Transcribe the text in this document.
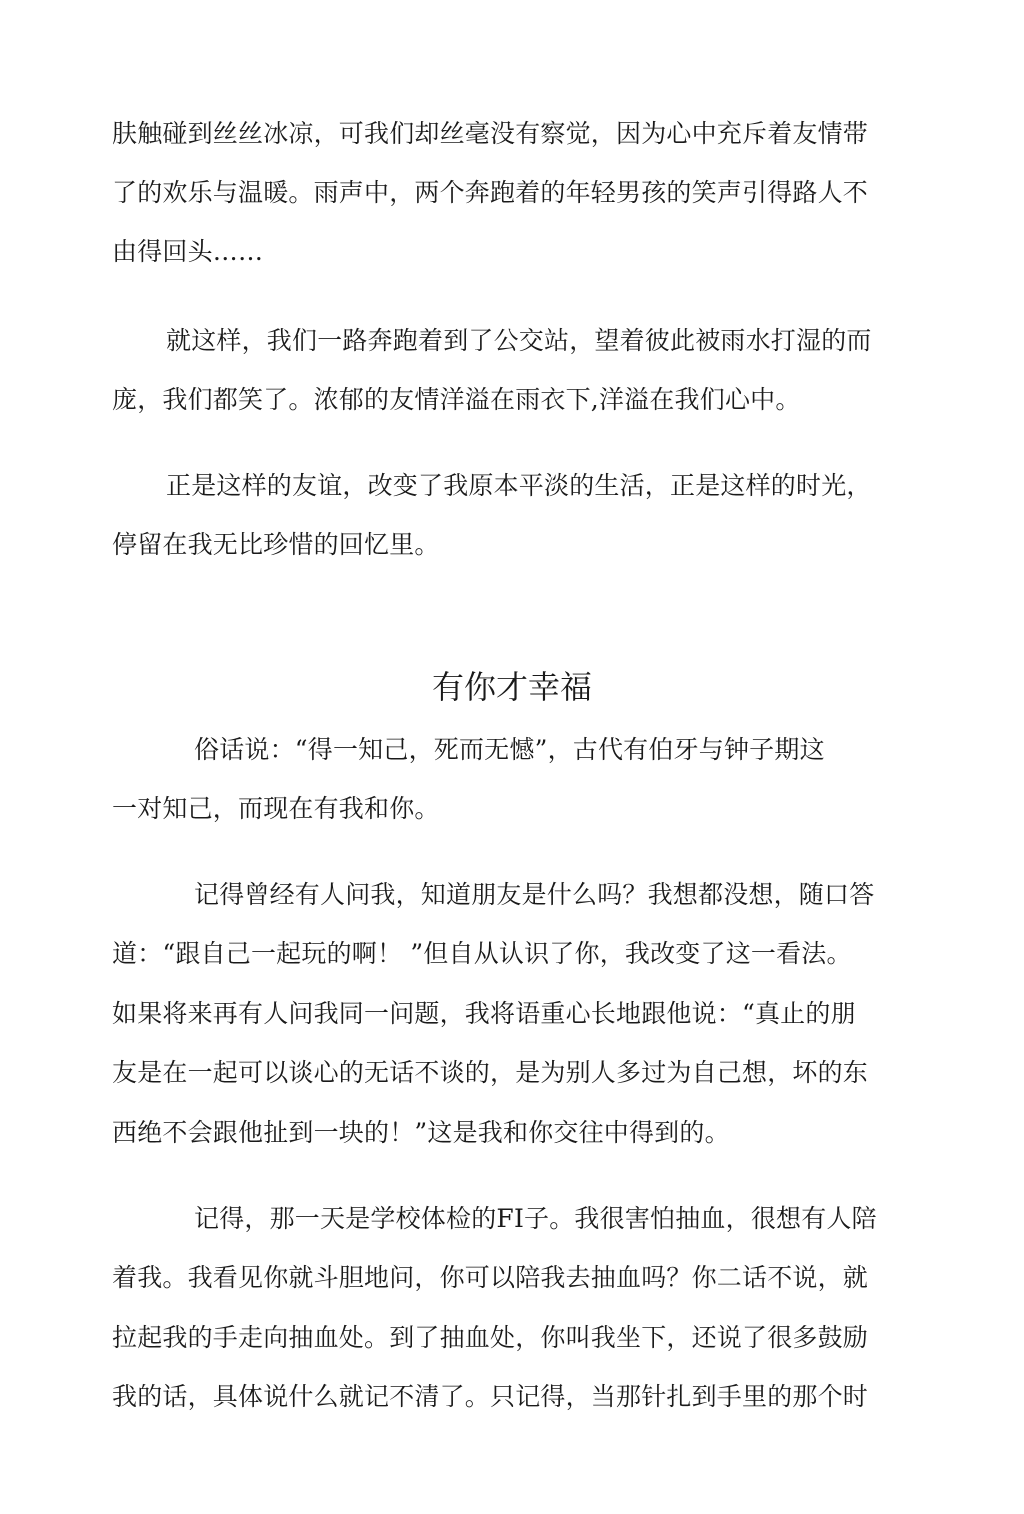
肤触碰到丝丝冰凉，可我们却丝毫没有察觉，因为心中充斥着友情带
了的欢乐与温暖。雨声中，两个奔跑着的年轻男孩的笑声引得路人不
由得回头……
就这样，我们一路奔跑着到了公交站，望着彼此被雨水打湿的而
庞，我们都笑了。浓郁的友情洋溢在雨衣下,洋溢在我们心中。
正是这样的友谊，改变了我原本平淡的生活，正是这样的时光，
停留在我无比珍惜的回忆里。
有你才幸福
俗话说：“得一知己，死而无憾”，古代有伯牙与钟子期这
一对知己，而现在有我和你。
记得曾经有人问我，知道朋友是什么吗？我想都没想，随口答
道：“跟自己一起玩的啊！ ”但自从认识了你，我改变了这一看法。
如果将来再有人问我同一问题，我将语重心长地跟他说：“真止的朋
友是在一起可以谈心的无话不谈的，是为别人多过为自己想，坏的东
西绝不会跟他扯到一块的！”这是我和你交往中得到的。
记得，那一天是学校体检的FI子。我很害怕抽血，很想有人陪
着我。我看见你就斗胆地问，你可以陪我去抽血吗？你二话不说，就
拉起我的手走向抽血处。到了抽血处，你叫我坐下，还说了很多鼓励
我的话，具体说什么就记不清了。只记得，当那针扎到手里的那个时
